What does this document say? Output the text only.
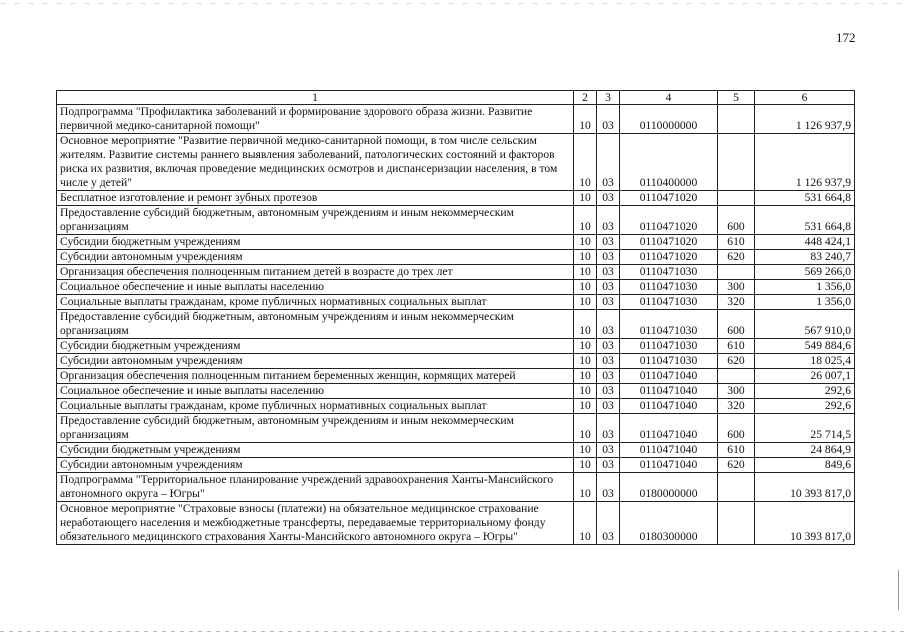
172
1	2	3	4	5	6
Подпрограмма "Профилактика заболеваний и формирование здорового образа жизни. Развитие первичной медико-санитарной помощи"	10	03	0110000000		1 126 937,9
Основное мероприятие "Развитие первичной медико-санитарной помощи, в том числе сельским жителям. Развитие системы раннего выявления заболеваний, патологических состояний и факторов риска их развития, включая проведение медицинских осмотров и диспансеризации населения, в том числе у детей"	10	03	0110400000		1 126 937,9
Бесплатное изготовление и ремонт зубных протезов	10	03	0110471020		531 664,8
Предоставление субсидий бюджетным, автономным учреждениям и иным некоммерческим организациям	10	03	0110471020	600	531 664,8
Субсидии бюджетным учреждениям	10	03	0110471020	610	448 424,1
Субсидии автономным учреждениям	10	03	0110471020	620	83 240,7
Организация обеспечения полноценным питанием детей в возрасте до трех лет	10	03	0110471030		569 266,0
Социальное обеспечение и иные выплаты населению	10	03	0110471030	300	1 356,0
Социальные выплаты гражданам, кроме публичных нормативных социальных выплат	10	03	0110471030	320	1 356,0
Предоставление субсидий бюджетным, автономным учреждениям и иным некоммерческим организациям	10	03	0110471030	600	567 910,0
Субсидии бюджетным учреждениям	10	03	0110471030	610	549 884,6
Субсидии автономным учреждениям	10	03	0110471030	620	18 025,4
Организация обеспечения полноценным питанием беременных женщин, кормящих матерей	10	03	0110471040		26 007,1
Социальное обеспечение и иные выплаты населению	10	03	0110471040	300	292,6
Социальные выплаты гражданам, кроме публичных нормативных социальных выплат	10	03	0110471040	320	292,6
Предоставление субсидий бюджетным, автономным учреждениям и иным некоммерческим организациям	10	03	0110471040	600	25 714,5
Субсидии бюджетным учреждениям	10	03	0110471040	610	24 864,9
Субсидии автономным учреждениям	10	03	0110471040	620	849,6
Подпрограмма "Территориальное планирование учреждений здравоохранения Ханты-Мансийского автономного округа – Югры"	10	03	0180000000		10 393 817,0
Основное мероприятие "Страховые взносы (платежи) на обязательное медицинское страхование неработающего населения и межбюджетные трансферты, передаваемые территориальному фонду обязательного медицинского страхования Ханты-Мансийского автономного округа – Югры"	10	03	0180300000		10 393 817,0
